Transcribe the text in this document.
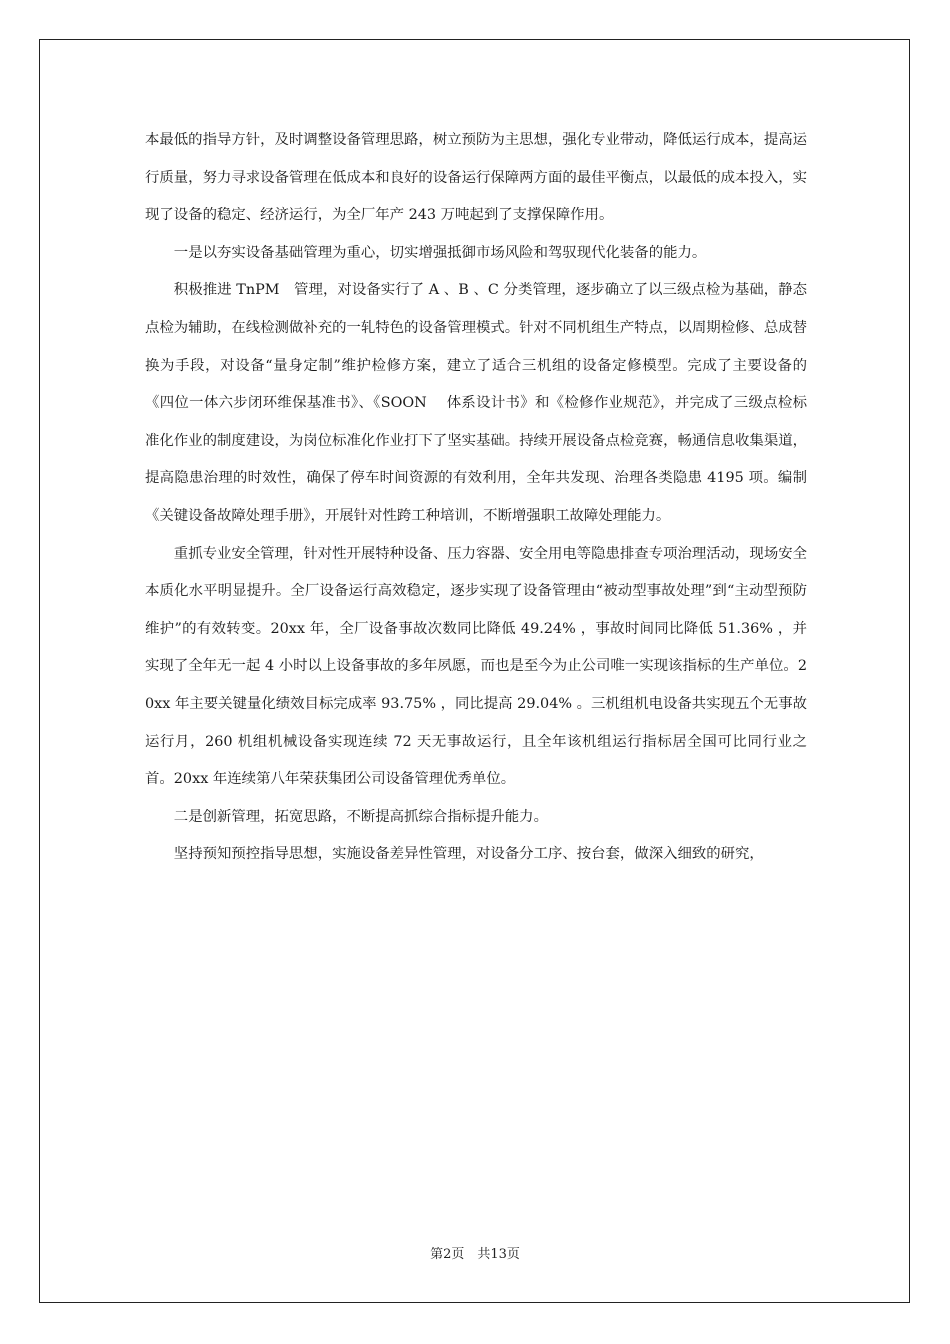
本最低的指导方针，及时调整设备管理思路，树立预防为主思想，强化专业带动，降低运行成本，提高运行质量，努力寻求设备管理在低成本和良好的设备运行保障两方面的最佳平衡点，以最低的成本投入，实现了设备的稳定、经济运行，为全厂年产 243 万吨起到了支撑保障作用。

一是以夯实设备基础管理为重心，切实增强抵御市场风险和驾驭现代化装备的能力。

积极推进 TnPM　管理，对设备实行了 A 、B 、C 分类管理，逐步确立了以三级点检为基础，静态点检为辅助，在线检测做补充的一轧特色的设备管理模式。针对不同机组生产特点，以周期检修、总成替换为手段，对设备“量身定制”维护检修方案，建立了适合三机组的设备定修模型。完成了主要设备的《四位一体六步闭环维保基准书》、《SOON　 体系设计书》和《检修作业规范》，并完成了三级点检标准化作业的制度建设，为岗位标准化作业打下了坚实基础。持续开展设备点检竞赛，畅通信息收集渠道，提高隐患治理的时效性，确保了停车时间资源的有效利用，全年共发现、治理各类隐患 4195 项。编制《关键设备故障处理手册》，开展针对性跨工种培训，不断增强职工故障处理能力。

重抓专业安全管理，针对性开展特种设备、压力容器、安全用电等隐患排查专项治理活动，现场安全本质化水平明显提升。全厂设备运行高效稳定，逐步实现了设备管理由“被动型事故处理”到“主动型预防维护”的有效转变。20xx 年，全厂设备事故次数同比降低 49.24% ，事故时间同比降低 51.36% ，并实现了全年无一起 4 小时以上设备事故的多年夙愿，而也是至今为止公司唯一实现该指标的生产单位。20xx 年主要关键量化绩效目标完成率 93.75% ，同比提高 29.04% 。三机组机电设备共实现五个无事故运行月，260 机组机械设备实现连续 72 天无事故运行，且全年该机组运行指标居全国可比同行业之首。20xx 年连续第八年荣获集团公司设备管理优秀单位。

二是创新管理，拓宽思路，不断提高抓综合指标提升能力。

坚持预知预控指导思想，实施设备差异性管理，对设备分工序、按台套，做深入细致的研究，

第2页　共13页
